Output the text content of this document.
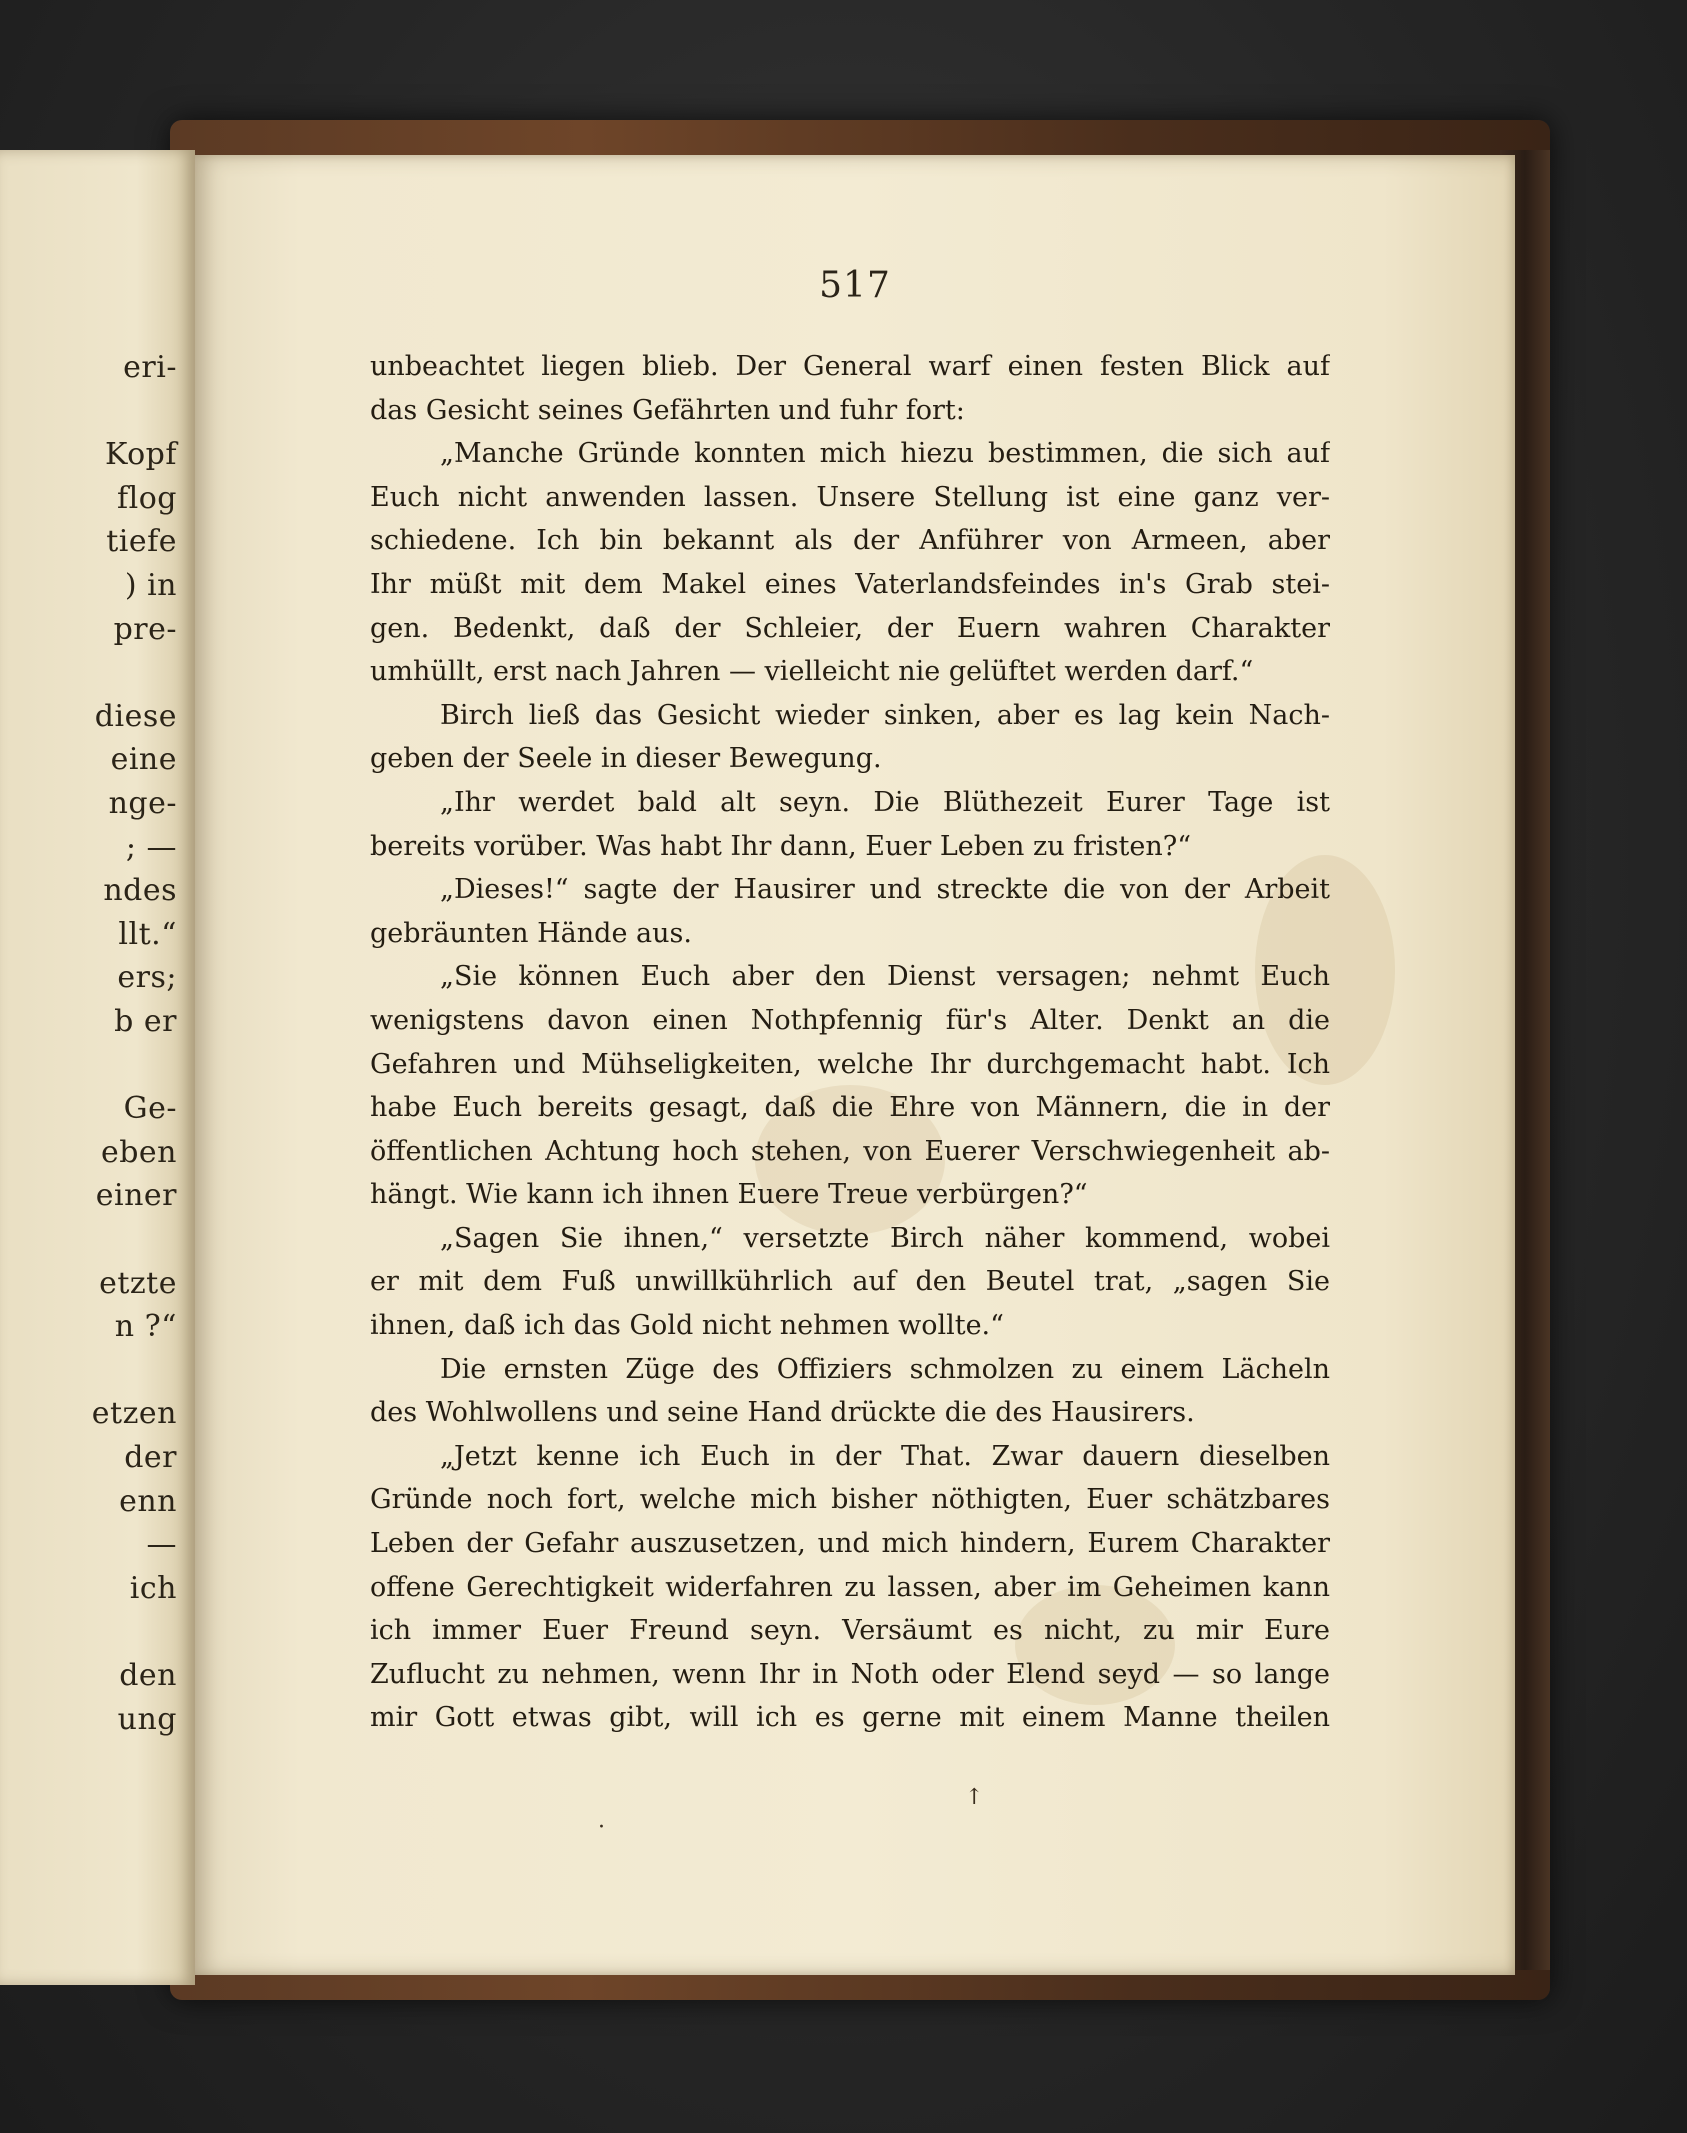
eri-
Kopf
flog
tiefe
) in
pre-
diese
eine
nge-
; —
ndes
llt.“
ers;
b er
Ge-
eben
einer
etzte
n ?“
etzen
der
enn
—
ich
den
ung
517
unbeachtet liegen blieb. Der General warf einen festen Blick auf
das Gesicht seines Gefährten und fuhr fort:
„Manche Gründe konnten mich hiezu bestimmen, die sich auf
Euch nicht anwenden lassen. Unsere Stellung ist eine ganz ver-
schiedene. Ich bin bekannt als der Anführer von Armeen, aber
Ihr müßt mit dem Makel eines Vaterlandsfeindes in's Grab stei-
gen. Bedenkt, daß der Schleier, der Euern wahren Charakter
umhüllt, erst nach Jahren — vielleicht nie gelüftet werden darf.“
Birch ließ das Gesicht wieder sinken, aber es lag kein Nach-
geben der Seele in dieser Bewegung.
„Ihr werdet bald alt seyn. Die Blüthezeit Eurer Tage ist
bereits vorüber. Was habt Ihr dann, Euer Leben zu fristen?“
„Dieses!“ sagte der Hausirer und streckte die von der Arbeit
gebräunten Hände aus.
„Sie können Euch aber den Dienst versagen; nehmt Euch
wenigstens davon einen Nothpfennig für's Alter. Denkt an die
Gefahren und Mühseligkeiten, welche Ihr durchgemacht habt. Ich
habe Euch bereits gesagt, daß die Ehre von Männern, die in der
öffentlichen Achtung hoch stehen, von Euerer Verschwiegenheit ab-
hängt. Wie kann ich ihnen Euere Treue verbürgen?“
„Sagen Sie ihnen,“ versetzte Birch näher kommend, wobei
er mit dem Fuß unwillkührlich auf den Beutel trat, „sagen Sie
ihnen, daß ich das Gold nicht nehmen wollte.“
Die ernsten Züge des Offiziers schmolzen zu einem Lächeln
des Wohlwollens und seine Hand drückte die des Hausirers.
„Jetzt kenne ich Euch in der That. Zwar dauern dieselben
Gründe noch fort, welche mich bisher nöthigten, Euer schätzbares
Leben der Gefahr auszusetzen, und mich hindern, Eurem Charakter
offene Gerechtigkeit widerfahren zu lassen, aber im Geheimen kann
ich immer Euer Freund seyn. Versäumt es nicht, zu mir Eure
Zuflucht zu nehmen, wenn Ihr in Noth oder Elend seyd — so lange
mir Gott etwas gibt, will ich es gerne mit einem Manne theilen
↑
·
